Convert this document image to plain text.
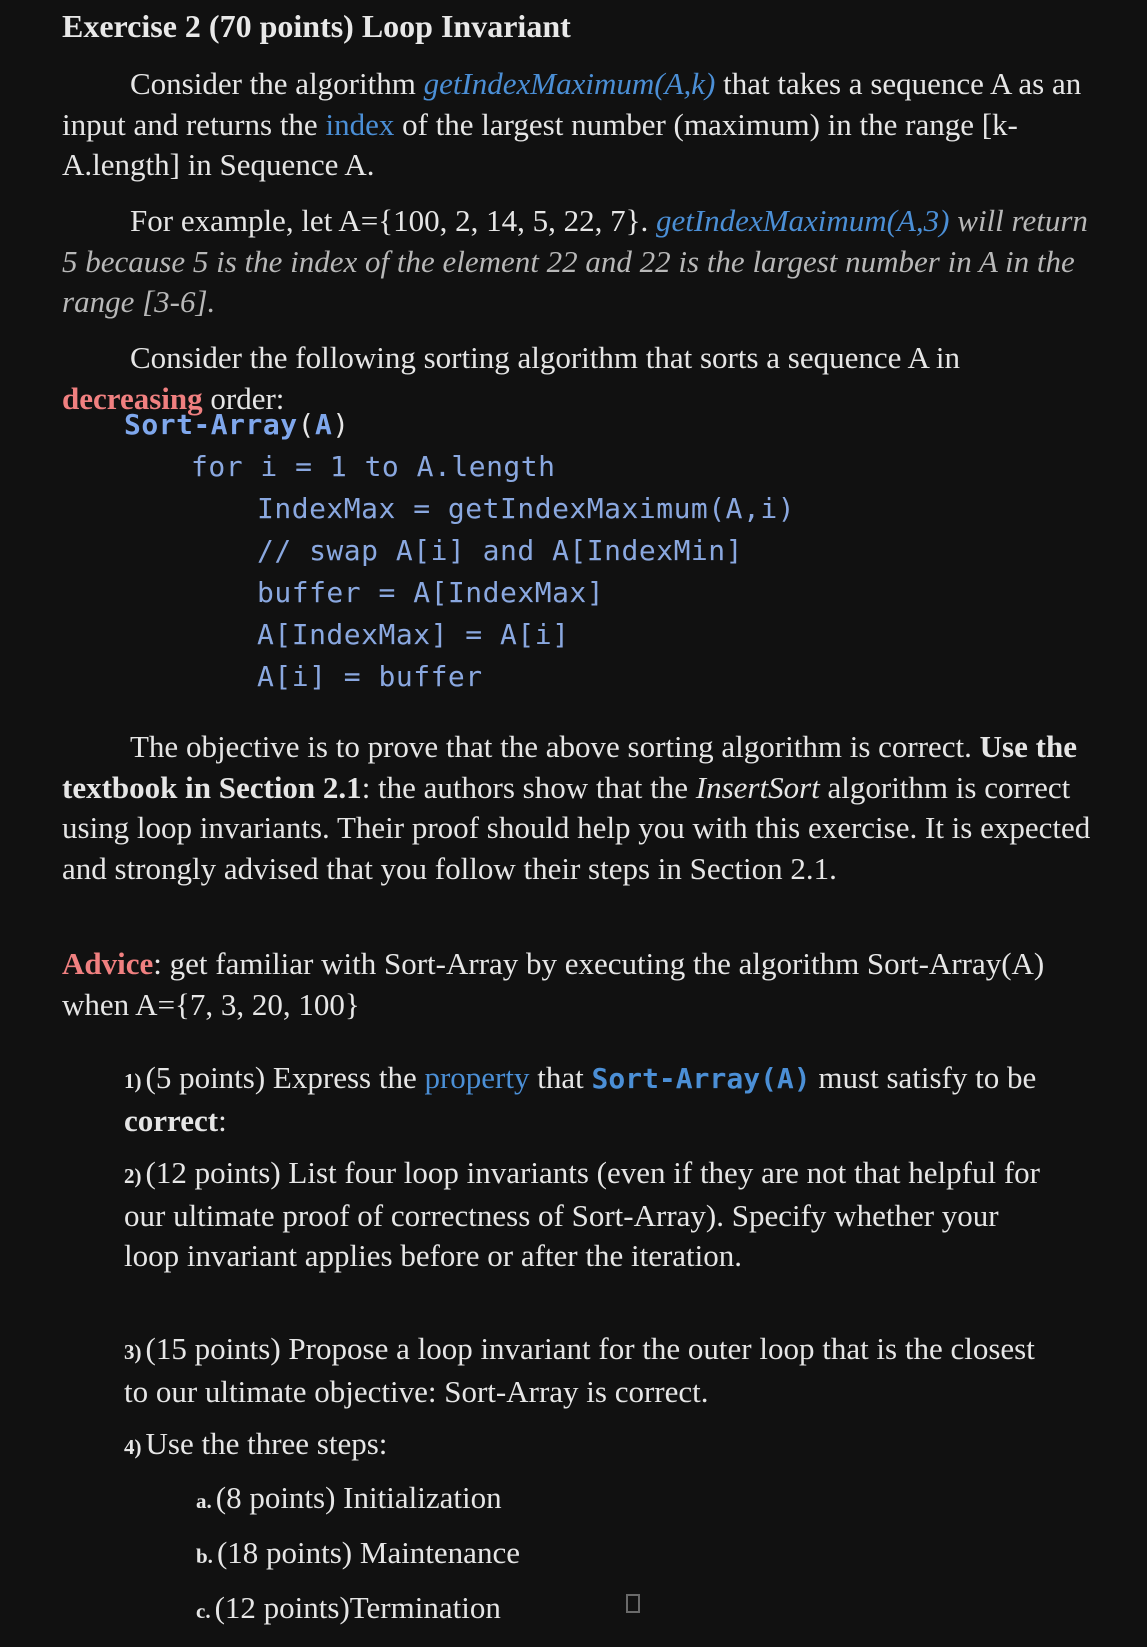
Exercise 2 (70 points) Loop Invariant
Consider the algorithm getIndexMaximum(A,k) that takes a sequence A as an input and returns the index of the largest number (maximum) in the range [k-A.length] in Sequence A.
For example, let A={100, 2, 14, 5, 22, 7}. getIndexMaximum(A,3) will return 5 because 5 is the index of the element 22 and 22 is the largest number in A in the range [3-6].
Consider the following sorting algorithm that sorts a sequence A in decreasing order:
Sort-Array(A)
for i = 1 to A.length
IndexMax = getIndexMaximum(A,i)
// swap A[i] and A[IndexMin]
buffer = A[IndexMax]
A[IndexMax] = A[i]
A[i] = buffer
The objective is to prove that the above sorting algorithm is correct. Use the textbook in Section 2.1: the authors show that the InsertSort algorithm is correct using loop invariants. Their proof should help you with this exercise. It is expected and strongly advised that you follow their steps in Section 2.1.
Advice: get familiar with Sort-Array by executing the algorithm Sort-Array(A) when A={7, 3, 20, 100}
1) (5 points) Express the property that Sort-Array(A) must satisfy to be correct:
2) (12 points) List four loop invariants (even if they are not that helpful for our ultimate proof of correctness of Sort-Array). Specify whether your loop invariant applies before or after the iteration.
3) (15 points) Propose a loop invariant for the outer loop that is the closest to our ultimate objective: Sort-Array is correct.
4) Use the three steps:
a. (8 points) Initialization
b. (18 points) Maintenance
c. (12 points)Termination
